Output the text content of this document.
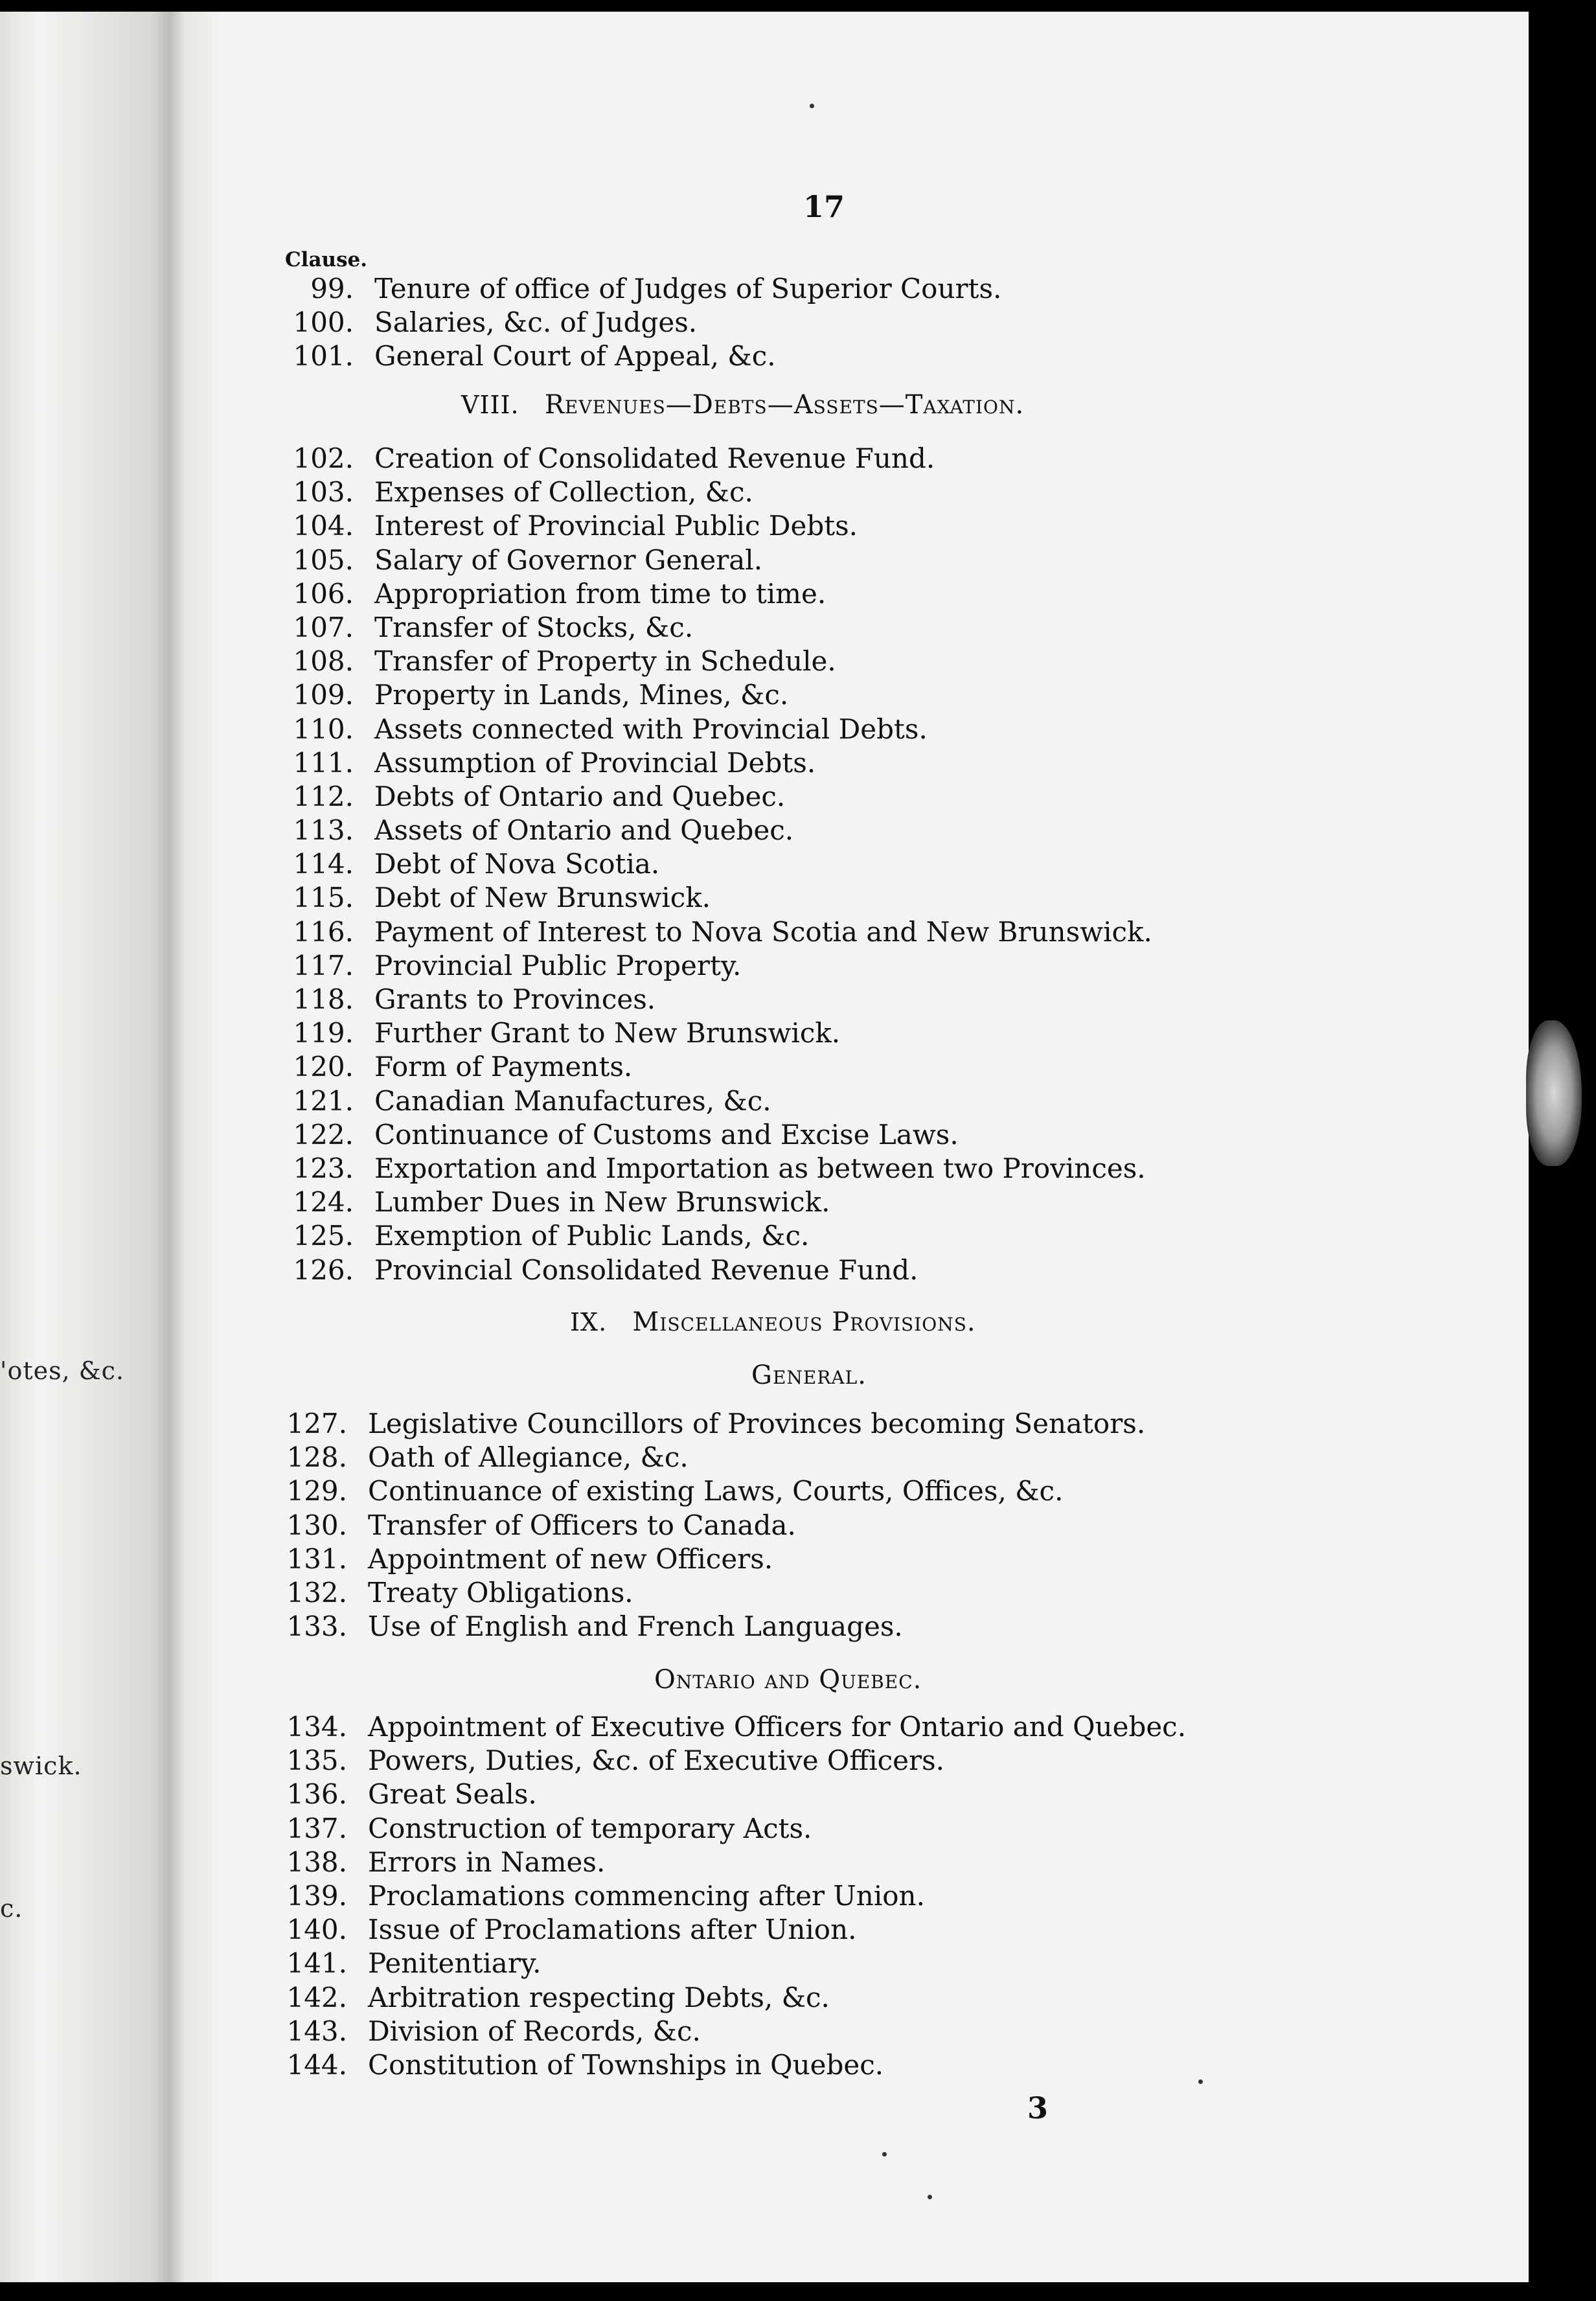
'otes, &c.
swick.
c.
17
Clause.
99. Tenure of office of Judges of Superior Courts.
100. Salaries, &c. of Judges.
101. General Court of Appeal, &c.
VIII. Revenues—Debts—Assets—Taxation.
102. Creation of Consolidated Revenue Fund.
103. Expenses of Collection, &c.
104. Interest of Provincial Public Debts.
105. Salary of Governor General.
106. Appropriation from time to time.
107. Transfer of Stocks, &c.
108. Transfer of Property in Schedule.
109. Property in Lands, Mines, &c.
110. Assets connected with Provincial Debts.
111. Assumption of Provincial Debts.
112. Debts of Ontario and Quebec.
113. Assets of Ontario and Quebec.
114. Debt of Nova Scotia.
115. Debt of New Brunswick.
116. Payment of Interest to Nova Scotia and New Brunswick.
117. Provincial Public Property.
118. Grants to Provinces.
119. Further Grant to New Brunswick.
120. Form of Payments.
121. Canadian Manufactures, &c.
122. Continuance of Customs and Excise Laws.
123. Exportation and Importation as between two Provinces.
124. Lumber Dues in New Brunswick.
125. Exemption of Public Lands, &c.
126. Provincial Consolidated Revenue Fund.
IX. Miscellaneous Provisions.
General.
127. Legislative Councillors of Provinces becoming Senators.
128. Oath of Allegiance, &c.
129. Continuance of existing Laws, Courts, Offices, &c.
130. Transfer of Officers to Canada.
131. Appointment of new Officers.
132. Treaty Obligations.
133. Use of English and French Languages.
Ontario and Quebec.
134. Appointment of Executive Officers for Ontario and Quebec.
135. Powers, Duties, &c. of Executive Officers.
136. Great Seals.
137. Construction of temporary Acts.
138. Errors in Names.
139. Proclamations commencing after Union.
140. Issue of Proclamations after Union.
141. Penitentiary.
142. Arbitration respecting Debts, &c.
143. Division of Records, &c.
144. Constitution of Townships in Quebec.
3
